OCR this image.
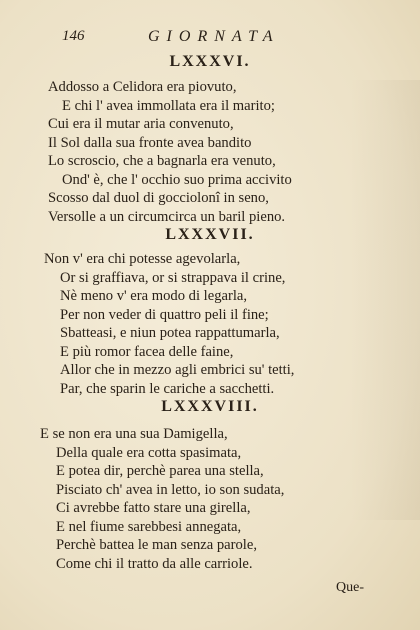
146	GIORNATA
LXXXVI.
Addosso a Celidora era piovuto,
E chi l' avea immollata era il marito;
Cui era il mutar aria convenuto,
Il Sol dalla sua fronte avea bandito
Lo scroscio, che a bagnarla era venuto,
Ond' è, che l' occhio suo prima accivito
Scosso dal duol di gocciolonî in seno,
Versolle a un circumcirca un baril pieno.
LXXXVII.
Non v' era chi potesse agevolarla,
Or si graffiava, or si strappava il crine,
Nè meno v' era modo di legarla,
Per non veder di quattro peli il fine;
Sbatteasi, e niun potea rappattumarla,
E più romor facea delle faine,
Allor che in mezzo agli embrici su' tetti,
Par, che sparin le cariche a sacchetti.
LXXXVIII.
E se non era una sua Damigella,
Della quale era cotta spasimata,
E potea dir, perchè parea una stella,
Pisciato ch' avea in letto, io son sudata,
Ci avrebbe fatto stare una girella,
E nel fiume sarebbesi annegata,
Perchè battea le man senza parole,
Come chi il tratto da alle carriole.
Que-
